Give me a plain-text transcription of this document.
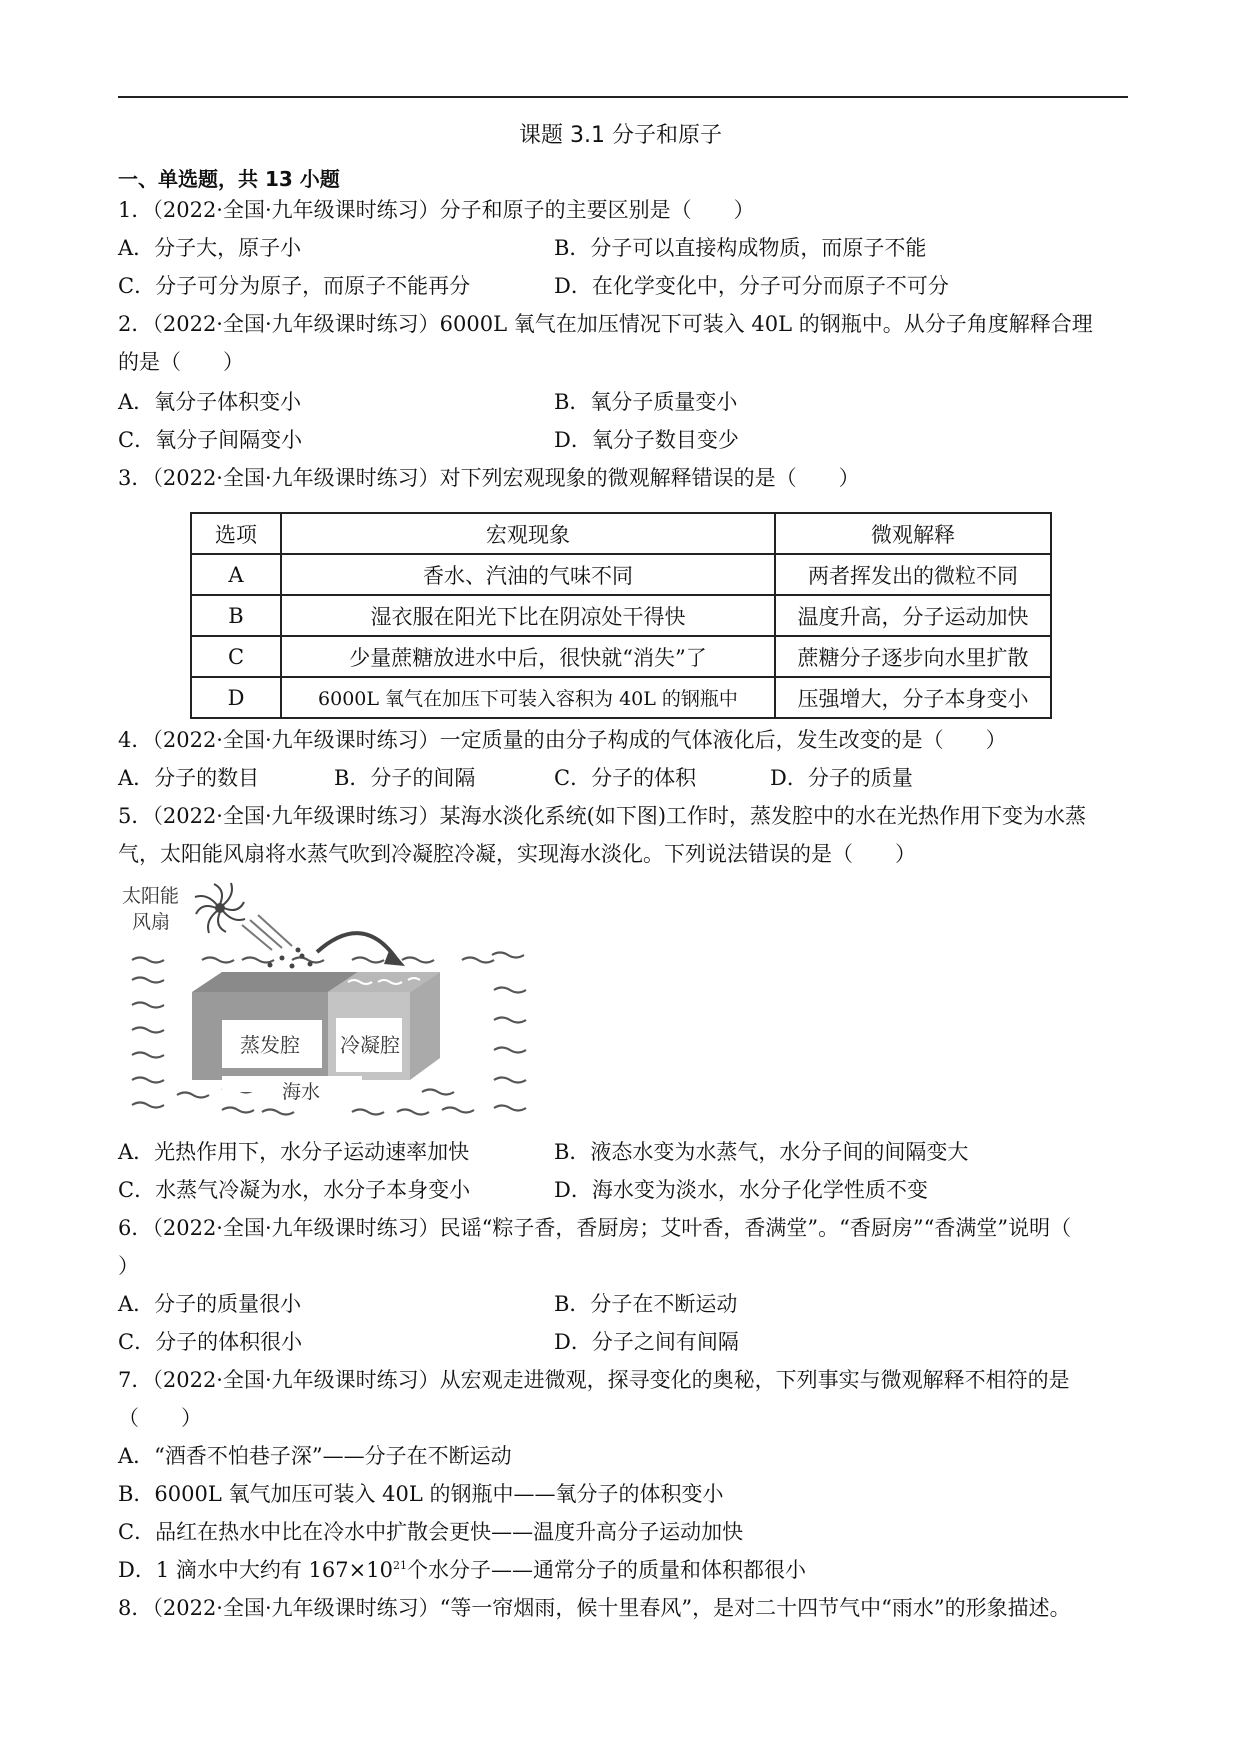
课题 3.1 分子和原子
一、单选题，共 13 小题
1．（2022·全国·九年级课时练习）分子和原子的主要区别是（　　）
A．分子大，原子小	B．分子可以直接构成物质，而原子不能
C．分子可分为原子，而原子不能再分	D．在化学变化中，分子可分而原子不可分
2．（2022·全国·九年级课时练习）6000L 氧气在加压情况下可装入 40L 的钢瓶中。从分子角度解释合理
的是（　　）
A．氧分子体积变小	B．氧分子质量变小
C．氧分子间隔变小	D．氧分子数目变少
3．（2022·全国·九年级课时练习）对下列宏观现象的微观解释错误的是（　　）
选项	宏观现象	微观解释
A	香水、汽油的气味不同	两者挥发出的微粒不同
B	湿衣服在阳光下比在阴凉处干得快	温度升高，分子运动加快
C	少量蔗糖放进水中后，很快就“消失”了	蔗糖分子逐步向水里扩散
D	6000L 氧气在加压下可装入容积为 40L 的钢瓶中	压强增大，分子本身变小
4．（2022·全国·九年级课时练习）一定质量的由分子构成的气体液化后，发生改变的是（　　）
A．分子的数目	B．分子的间隔	C．分子的体积	D．分子的质量
5．（2022·全国·九年级课时练习）某海水淡化系统(如下图)工作时，蒸发腔中的水在光热作用下变为水蒸
气，太阳能风扇将水蒸气吹到冷凝腔冷凝，实现海水淡化。下列说法错误的是（　　）
太阳能
风扇
蒸发腔 冷凝腔
海水
A．光热作用下，水分子运动速率加快	B．液态水变为水蒸气，水分子间的间隔变大
C．水蒸气冷凝为水，水分子本身变小	D．海水变为淡水，水分子化学性质不变
6．（2022·全国·九年级课时练习）民谣“粽子香，香厨房；艾叶香，香满堂”。“香厨房”“香满堂”说明（
）
A．分子的质量很小	B．分子在不断运动
C．分子的体积很小	D．分子之间有间隔
7．（2022·全国·九年级课时练习）从宏观走进微观，探寻变化的奥秘，下列事实与微观解释不相符的是
（　　）
A．“酒香不怕巷子深”——分子在不断运动
B．6000L 氧气加压可装入 40L 的钢瓶中——氧分子的体积变小
C．品红在热水中比在冷水中扩散会更快——温度升高分子运动加快
D．1 滴水中大约有 $167\times 10^{21}$个水分子——通常分子的质量和体积都很小
8．（2022·全国·九年级课时练习）“等一帘烟雨，候十里春风”，是对二十四节气中“雨水”的形象描述。
